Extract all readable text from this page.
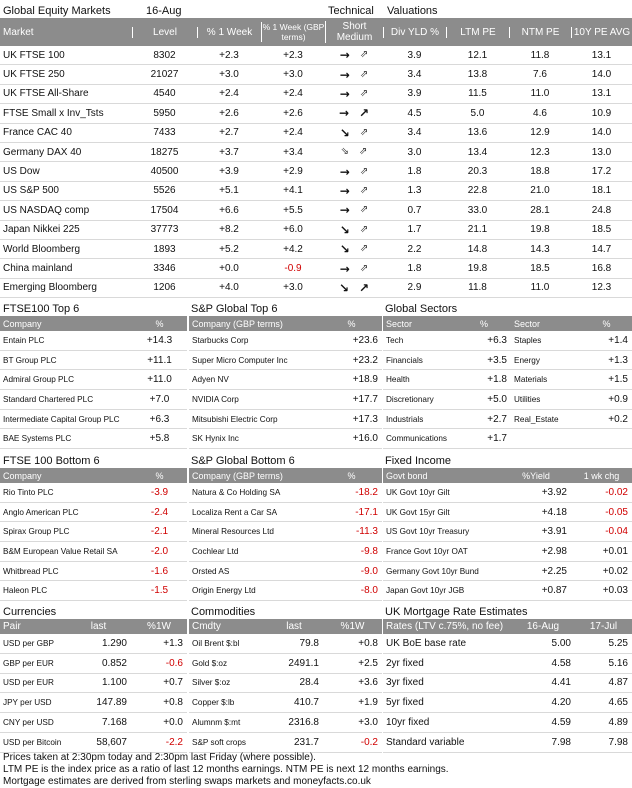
Global Equity Markets	16-Aug	Technical Valuations
Market	Level	% 1 Week	% 1 Week (GBP terms)
Short Medium	Div YLD %	LTM PE	NTM PE	10Y PE AVG
UK FTSE 100	8302	+2.3	+2.3	→ ⇗	3.9	12.1	11.8	13.1
UK FTSE 250	21027	+3.0	+3.0	→ ⇗	3.4	13.8	7.6	14.0
UK FTSE All-Share	4540	+2.4	+2.4	→ ⇗	3.9	11.5	11.0	13.1
FTSE Small x Inv_Tsts	5950	+2.6	+2.6	→ ↗	4.5	5.0	4.6	10.9
France CAC 40	7433	+2.7	+2.4	↘ ⇗	3.4	13.6	12.9	14.0
Germany DAX 40	18275	+3.7	+3.4	⇘ ⇗	3.0	13.4	12.3	13.0
US Dow	40500	+3.9	+2.9	→ ⇗	1.8	20.3	18.8	17.2
US S&P 500	5526	+5.1	+4.1	→ ⇗	1.3	22.8	21.0	18.1
US NASDAQ comp	17504	+6.6	+5.5	→ ⇗	0.7	33.0	28.1	24.8
Japan Nikkei 225	37773	+8.2	+6.0	↘ ⇗	1.7	21.1	19.8	18.5
World Bloomberg	1893	+5.2	+4.2	↘ ⇗	2.2	14.8	14.3	14.7
China mainland	3346	+0.0	-0.9	→ ⇗	1.8	19.8	18.5	16.8
Emerging Bloomberg	1206	+4.0	+3.0	↘ ↗	2.9	11.8	11.0	12.3
FTSE100 Top 6	S&P Global Top 6	Global Sectors
FTSE 100 Bottom 6	S&P Global Bottom 6	Fixed Income
Currencies	Commodities	UK Mortgage Rate Estimates
Company	%
Entain PLC	+14.3
BT Group PLC	+11.1
Admiral Group PLC	+11.0
Standard Chartered PLC	+7.0
Intermediate Capital Group PLC	+6.3
BAE Systems PLC	+5.8
Company (GBP terms)	%
Starbucks Corp	+23.6
Super Micro Computer Inc	+23.2
Adyen NV	+18.9
NVIDIA Corp	+17.7
Mitsubishi Electric Corp	+17.3
SK Hynix Inc	+16.0
Sector	%	Sector	%
Tech	+6.3 Staples	+1.4
Financials	+3.5 Energy	+1.3
Health	+1.8 Materials	+1.5
Discretionary	+5.0 Utilities	+0.9
Industrials	+2.7 Real_Estate	+0.2
Communications	+1.7
Company	%
Rio Tinto PLC	-3.9
Anglo American PLC	-2.4
Spirax Group PLC	-2.1
B&M European Value Retail SA	-2.0
Whitbread PLC	-1.6
Haleon PLC	-1.5
Company (GBP terms)	%
Natura & Co Holding SA	-18.2
Localiza Rent a Car SA	-17.1
Mineral Resources Ltd	-11.3
Cochlear Ltd	-9.8
Orsted AS	-9.0
Origin Energy Ltd	-8.0
Govt bond	%Yield	1 wk chg
UK Govt 10yr Gilt	+3.92	-0.02
UK Govt 15yr Gilt	+4.18	-0.05
US Govt 10yr Treasury	+3.91	-0.04
France Govt 10yr OAT	+2.98	+0.01
Germany Govt 10yr Bund	+2.25	+0.02
Japan Govt 10yr JGB	+0.87	+0.03
Pair	last	%1W
USD per GBP	1.290	+1.3
GBP per EUR	0.852	-0.6
USD per EUR	1.100	+0.7
JPY per USD	147.89	+0.8
CNY per USD	7.168	+0.0
USD per Bitcoin	58,607	-2.2
Cmdty	last	%1W
Oil Brent $:bl	79.8	+0.8
Gold $:oz	2491.1	+2.5
Silver $:oz	28.4	+3.6
Copper $:lb	410.7	+1.9
Alumnm $:mt	2316.8	+3.0
S&P soft crops	231.7	-0.2
Rates (LTV c.75%, no fee)	16-Aug	17-Jul
UK BoE base rate	5.00	5.25
2yr fixed	4.58	5.16
3yr fixed	4.41	4.87
5yr fixed	4.20	4.65
10yr fixed	4.59	4.89
Standard variable	7.98	7.98
Prices taken at 2:30pm today and 2:30pm last Friday (where possible).
LTM PE is the index price as a ratio of last 12 months earnings. NTM PE is next 12 months earnings.
Mortgage estimates are derived from sterling swaps markets and moneyfacts.co.uk
